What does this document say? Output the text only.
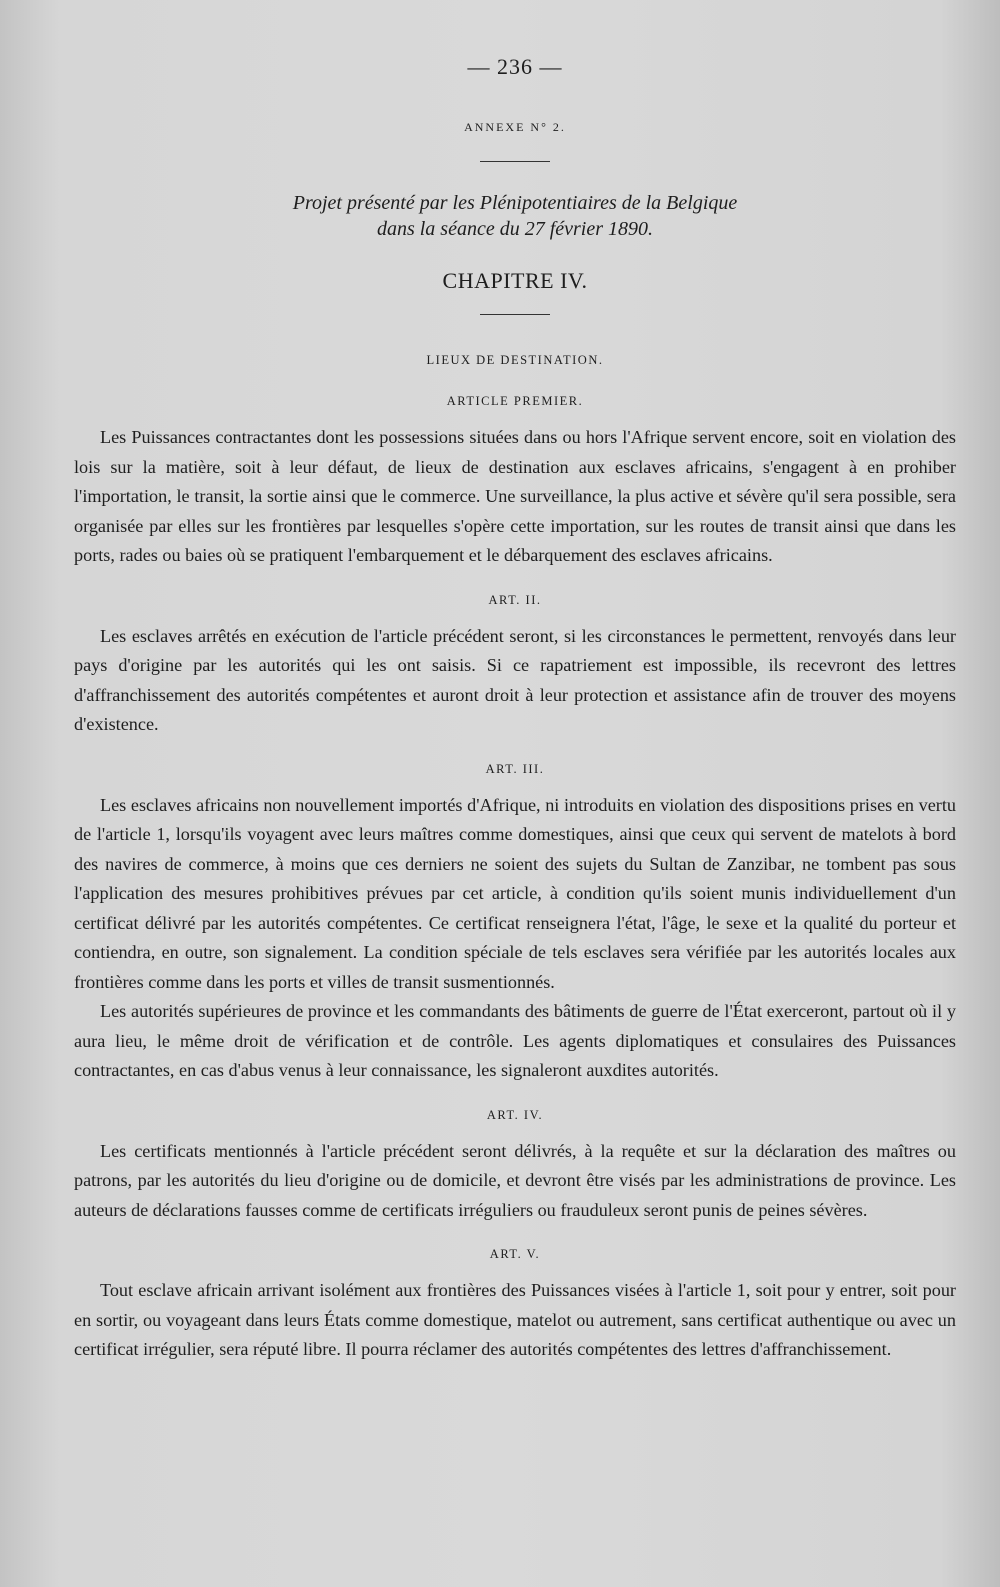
— 236 —
ANNEXE N° 2.
Projet présenté par les Plénipotentiaires de la Belgique
dans la séance du 27 février 1890.
CHAPITRE IV.
LIEUX DE DESTINATION.
ARTICLE PREMIER.

Les Puissances contractantes dont les possessions situées dans ou hors l'Afrique servent encore, soit en violation des lois sur la matière, soit à leur défaut, de lieux de destination aux esclaves africains, s'engagent à en prohiber l'importation, le transit, la sortie ainsi que le commerce. Une surveillance, la plus active et sévère qu'il sera possible, sera organisée par elles sur les frontières par lesquelles s'opère cette importation, sur les routes de transit ainsi que dans les ports, rades ou baies où se pratiquent l'embarquement et le débarquement des esclaves africains.

ART. II.

Les esclaves arrêtés en exécution de l'article précédent seront, si les circonstances le permettent, renvoyés dans leur pays d'origine par les autorités qui les ont saisis. Si ce rapatriement est impossible, ils recevront des lettres d'affranchissement des autorités compétentes et auront droit à leur protection et assistance afin de trouver des moyens d'existence.

ART. III.

Les esclaves africains non nouvellement importés d'Afrique, ni introduits en violation des dispositions prises en vertu de l'article 1, lorsqu'ils voyagent avec leurs maîtres comme domestiques, ainsi que ceux qui servent de matelots à bord des navires de commerce, à moins que ces derniers ne soient des sujets du Sultan de Zanzibar, ne tombent pas sous l'application des mesures prohibitives prévues par cet article, à condition qu'ils soient munis individuellement d'un certificat délivré par les autorités compétentes. Ce certificat renseignera l'état, l'âge, le sexe et la qualité du porteur et contiendra, en outre, son signalement. La condition spéciale de tels esclaves sera vérifiée par les autorités locales aux frontières comme dans les ports et villes de transit susmentionnés.

Les autorités supérieures de province et les commandants des bâtiments de guerre de l'État exerceront, partout où il y aura lieu, le même droit de vérification et de contrôle. Les agents diplomatiques et consulaires des Puissances contractantes, en cas d'abus venus à leur connaissance, les signaleront auxdites autorités.

ART. IV.

Les certificats mentionnés à l'article précédent seront délivrés, à la requête et sur la déclaration des maîtres ou patrons, par les autorités du lieu d'origine ou de domicile, et devront être visés par les administrations de province. Les auteurs de déclarations fausses comme de certificats irréguliers ou frauduleux seront punis de peines sévères.

ART. V.

Tout esclave africain arrivant isolément aux frontières des Puissances visées à l'article 1, soit pour y entrer, soit pour en sortir, ou voyageant dans leurs États comme domestique, matelot ou autrement, sans certificat authentique ou avec un certificat irrégulier, sera réputé libre. Il pourra réclamer des autorités compétentes des lettres d'affranchissement.
